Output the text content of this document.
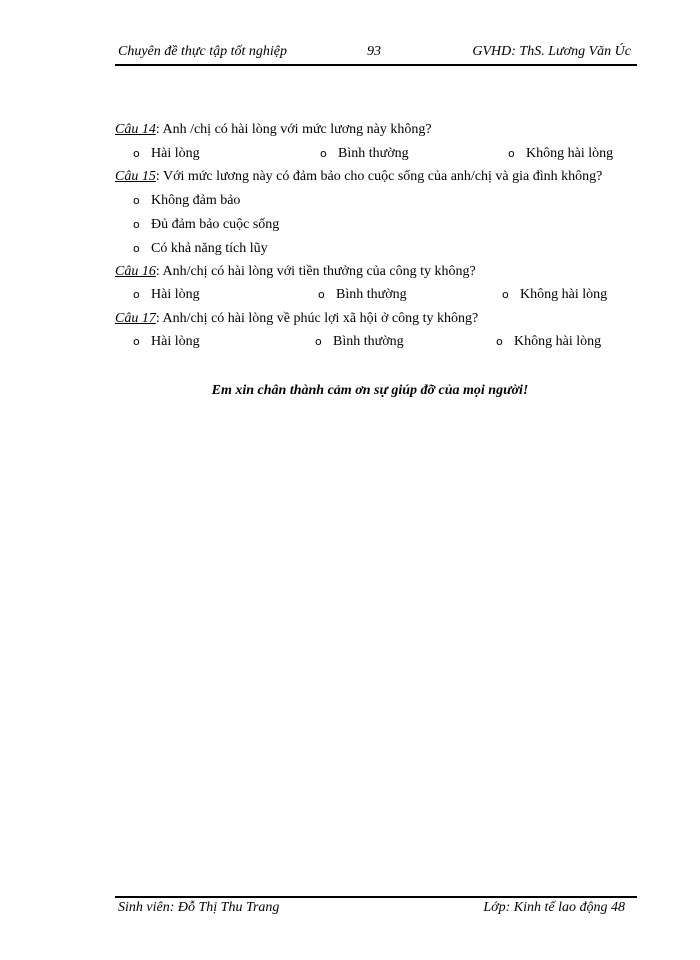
Chuyên đề thực tập tốt nghiệp	93	GVHD: ThS. Lương Văn Úc
Câu 14: Anh /chị có hài lòng với mức lương này không?
o Hài lòng	o Bình thường	o Không hài lòng
Câu 15: Với mức lương này có đảm bảo cho cuộc sống của anh/chị và gia đình không?
o Không đảm bảo
o Đủ đảm bảo cuộc sống
o Có khả năng tích lũy
Câu 16: Anh/chị có hài lòng với tiền thưởng của công ty không?
o Hài lòng	o Bình thường	o Không hài lòng
Câu 17: Anh/chị có hài lòng về phúc lợi xã hội ở công ty không?
o Hài lòng	o Bình thường	o Không hài lòng
Em xin chân thành cảm ơn sự giúp đỡ của mọi người!
Sinh viên: Đỗ Thị Thu Trang	Lớp: Kinh tế lao động 48
